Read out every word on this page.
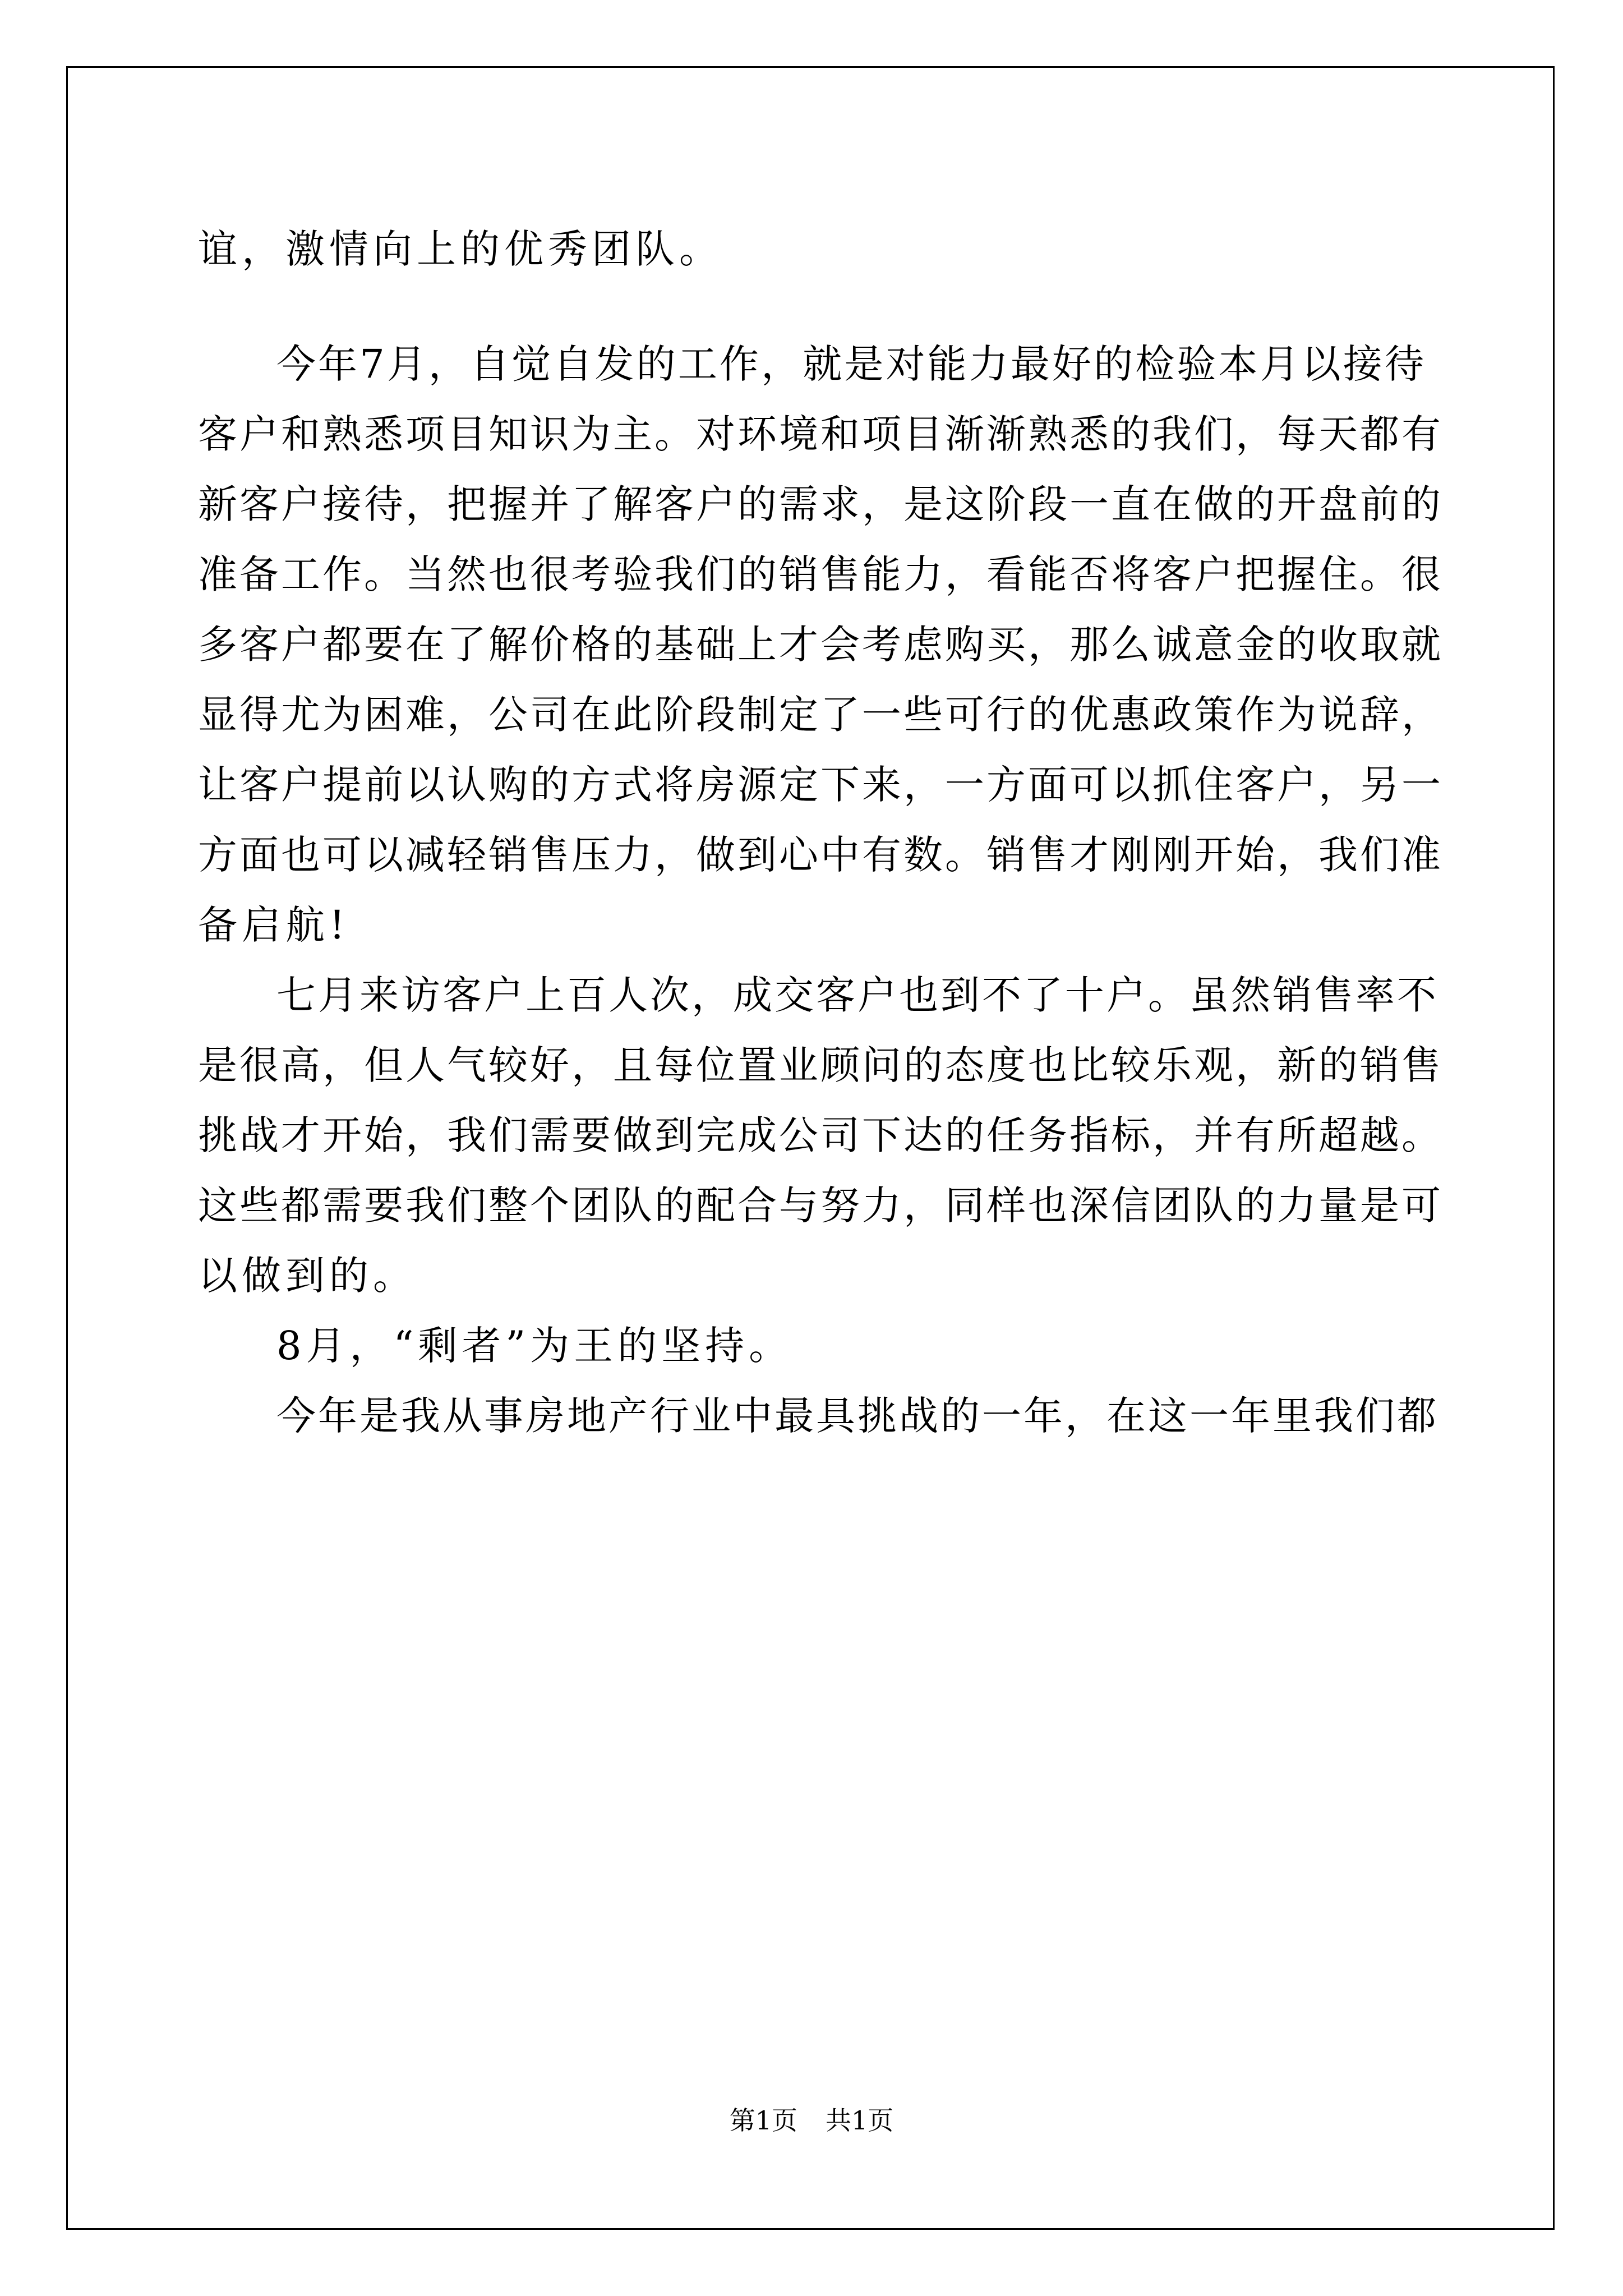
谊，激情向上的优秀团队。
今年7月，自觉自发的工作，就是对能力最好的检验本月以接待
客户和熟悉项目知识为主。对环境和项目渐渐熟悉的我们，每天都有
新客户接待，把握并了解客户的需求，是这阶段一直在做的开盘前的
准备工作。当然也很考验我们的销售能力，看能否将客户把握住。很
多客户都要在了解价格的基础上才会考虑购买，那么诚意金的收取就
显得尤为困难，公司在此阶段制定了一些可行的优惠政策作为说辞，
让客户提前以认购的方式将房源定下来，一方面可以抓住客户，另一
方面也可以减轻销售压力，做到心中有数。销售才刚刚开始，我们准
备启航!
七月来访客户上百人次，成交客户也到不了十户。虽然销售率不
是很高，但人气较好，且每位置业顾问的态度也比较乐观，新的销售
挑战才开始，我们需要做到完成公司下达的任务指标，并有所超越。
这些都需要我们整个团队的配合与努力，同样也深信团队的力量是可
以做到的。
8月，“剩者”为王的坚持。
今年是我从事房地产行业中最具挑战的一年，在这一年里我们都
第1页 共1页
